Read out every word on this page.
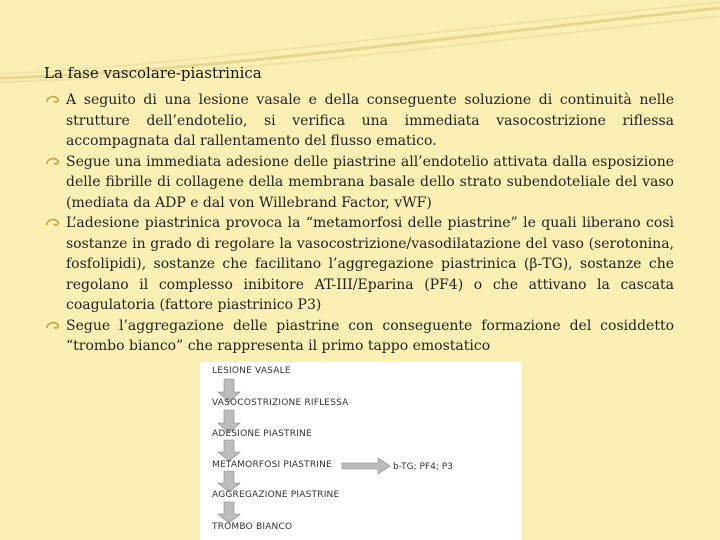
La fase vascolare-piastrinica
A seguito di una lesione vasale e della conseguente soluzione di continuità nelle strutture dell’endotelio, si verifica una immediata vasocostrizione riflessa accompagnata dal rallentamento del flusso ematico.
Segue una immediata adesione delle piastrine all’endotelio attivata dalla esposizione delle fibrille di collagene della membrana basale dello strato subendoteliale del vaso (mediata da ADP e dal von Willebrand Factor, vWF)
L’adesione piastrinica provoca la “metamorfosi delle piastrine” le quali liberano così sostanze in grado di regolare la vasocostrizione/vasodilatazione del vaso (serotonina, fosfolipidi), sostanze che facilitano l’aggregazione piastrinica (β-TG), sostanze che regolano il complesso inibitore AT-III/Eparina (PF4) o che attivano la cascata coagulatoria (fattore piastrinico P3)
Segue l’aggregazione delle piastrine con conseguente formazione del cosiddetto “trombo bianco” che rappresenta il primo tappo emostatico
LESIONE VASALE
VASOCOSTRIZIONE RIFLESSA
ADESIONE PIASTRINE
METAMORFOSI PIASTRINE
AGGREGAZIONE PIASTRINE
TROMBO BIANCO
b-TG; PF4; P3
